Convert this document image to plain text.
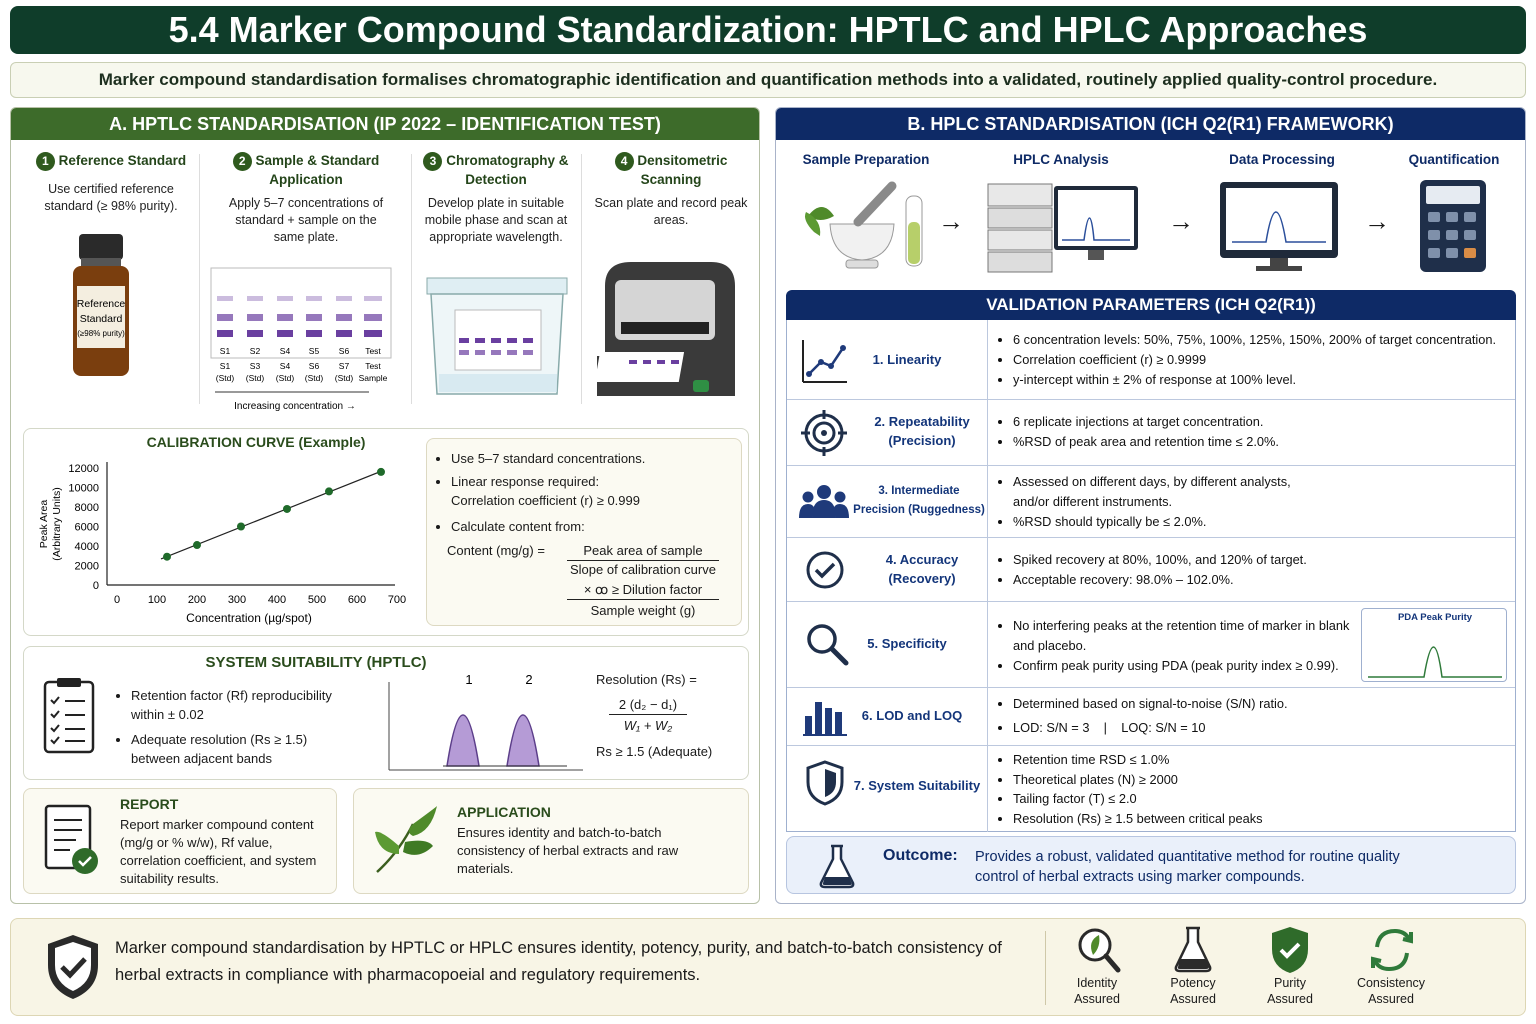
5.4 Marker Compound Standardization: HPTLC and HPLC Approaches
Marker compound standardisation formalises chromatographic identification and quantification methods into a validated, routinely applied quality-control procedure.
A. HPTLC STANDARDISATION (IP 2022 – IDENTIFICATION TEST)
1 Reference Standard
Use certified reference standard (≥ 98% purity).
2 Sample & Standard Application
Apply 5–7 concentrations of standard + sample on the same plate.
3 Chromatography & Detection
Develop plate in suitable mobile phase and scan at appropriate wavelength.
4 Densitometric Scanning
Scan plate and record peak areas.
Reference
Standard
(≥98% purity)
S1 S2 S4 S5 S6 Test
S1 S3 S4 S6 S7 Test
(Std) (Std) (Std) (Std) (Std) Sample
Increasing concentration →
CALIBRATION CURVE (Example)
Peak Area (Arbitrary Units)
Concentration (µg/spot)
0	100 200 300 400 500 600 700
0
2000
4000
6000
8000
10000
12000
• Use 5–7 standard concentrations.
• Linear response required:
Correlation coefficient (r) ≥ 0.999
• Calculate content from:
Content (mg/g) =	Peak area of sample
Slope of calibration curve
× ꝏ ≥ Dilution factor
Sample weight (g)
SYSTEM SUITABILITY (HPTLC)
• Retention factor (Rf) reproducibility within ± 0.02
• Adequate resolution (Rs ≥ 1.5) between adjacent bands
1	2	Resolution (Rs) =
2 (d₂ − d₁)
W₁ + W₂
Rs ≥ 1.5 (Adequate)
REPORT
Report marker compound content (mg/g or % w/w), Rf value, correlation coefficient, and system suitability results.
APPLICATION
Ensures identity and batch-to-batch consistency of herbal extracts and raw materials.
B. HPLC STANDARDISATION (ICH Q2(R1) FRAMEWORK)
Sample Preparation	HPLC Analysis	Data Processing	Quantification
→	→	→
VALIDATION PARAMETERS (ICH Q2(R1))
1. Linearity
• 6 concentration levels: 50%, 75%, 100%, 125%, 150%, 200% of target concentration.
• Correlation coefficient (r) ≥ 0.9999
• y-intercept within ± 2% of response at 100% level.
2. Repeatability (Precision)
• 6 replicate injections at target concentration.
• %RSD of peak area and retention time ≤ 2.0%.
3. Intermediate Precision (Ruggedness)
• Assessed on different days, by different analysts, and/or different instruments.
• %RSD should typically be ≤ 2.0%.
4. Accuracy (Recovery)
• Spiked recovery at 80%, 100%, and 120% of target.
• Acceptable recovery: 98.0% – 102.0%.
5. Specificity
• No interfering peaks at the retention time of marker in blank and placebo.
• Confirm peak purity using PDA (peak purity index ≥ 0.99).
PDA Peak Purity
6. LOD and LOQ
• Determined based on signal-to-noise (S/N) ratio.
• LOD: S/N = 3    |    LOQ: S/N = 10
7. System Suitability
• Retention time RSD ≤ 1.0%
• Theoretical plates (N) ≥ 2000
• Tailing factor (T) ≤ 2.0
• Resolution (Rs) ≥ 1.5 between critical peaks
Outcome: Provides a robust, validated quantitative method for routine quality control of herbal extracts using marker compounds.
Marker compound standardisation by HPTLC or HPLC ensures identity, potency, purity, and batch-to-batch consistency of herbal extracts in compliance with pharmacopoeial and regulatory requirements.	Identity
Assured
Potency
Assured
Purity
Assured
Consistency
Assured
